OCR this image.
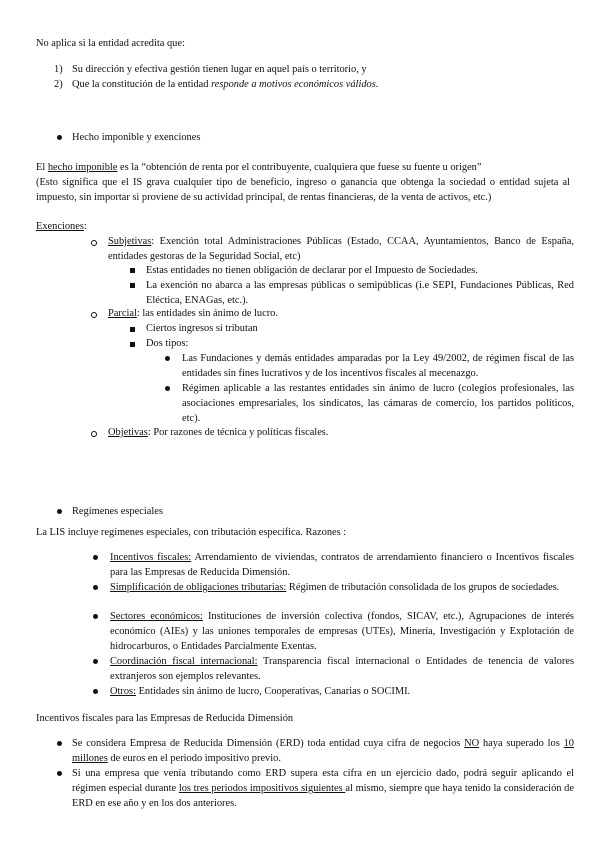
No aplica si la entidad acredita que:

1) Su dirección y efectiva gestión tienen lugar en aquel país o territorio, y
2) Que la constitución de la entidad responde a motivos económicos válidos.

Hecho imponible y exenciones

El hecho imponible es la “obtención de renta por el contribuyente, cualquiera que fuese su fuente u origen”

(Esto significa que el IS grava cualquier tipo de beneficio, ingreso o ganancia que obtenga la sociedad o entidad sujeta al impuesto, sin importar si proviene de su actividad principal, de rentas financieras, de la venta de activos, etc.)

Exenciones:

Subjetivas: Exención total Administraciones Públicas (Estado, CCAA, Ayuntamientos, Banco de España, entidades gestoras de la Seguridad Social, etc)

Estas entidades no tienen obligación de declarar por el Impuesto de Sociedades.

La exención no abarca a las empresas públicas o semipúblicas (i.e SEPI, Fundaciones Públicas, Red Eléctica, ENAGas, etc.).

Parcial: las entidades sin ánimo de lucro.

Ciertos ingresos sí tributan

Dos tipos:

Las Fundaciones y demás entidades amparadas por la Ley 49/2002, de régimen fiscal de las entidades sin fines lucrativos y de los incentivos fiscales al mecenazgo.

Régimen aplicable a las restantes entidades sin ánimo de lucro (colegios profesionales, las asociaciones empresariales, los sindicatos, las cámaras de comercio, los partidos políticos, etc).

Objetivas: Por razones de técnica y políticas fiscales.

Regímenes especiales

La LIS incluye regímenes especiales, con tributación específica. Razones :

Incentivos fiscales: Arrendamiento de viviendas, contratos de arrendamiento financiero o Incentivos fiscales para las Empresas de Reducida Dimensión.

Simplificación de obligaciones tributarias: Régimen de tributación consolidada de los grupos de sociedades.

Sectores económicos: Instituciones de inversión colectiva (fondos, SICAV, etc.), Agrupaciones de interés económico (AIEs) y las uniones temporales de empresas (UTEs), Minería, Investigación y Explotación de hidrocarburos, o Entidades Parcialmente Exentas.

Coordinación fiscal internacional: Transparencia fiscal internacional o Entidades de tenencia de valores extranjeros son ejemplos relevantes.

Otros: Entidades sin ánimo de lucro, Cooperativas, Canarias o SOCIMI.

Incentivos fiscales para las Empresas de Reducida Dimensión

Se considera Empresa de Reducida Dimensión (ERD) toda entidad cuya cifra de negocios NO haya superado los 10 millones de euros en el periodo impositivo previo.

Si una empresa que venía tributando como ERD supera esta cifra en un ejercicio dado, podrá seguir aplicando el régimen especial durante los tres periodos impositivos siguientes al mismo, siempre que haya tenido la consideración de ERD en ese año y en los dos anteriores.
